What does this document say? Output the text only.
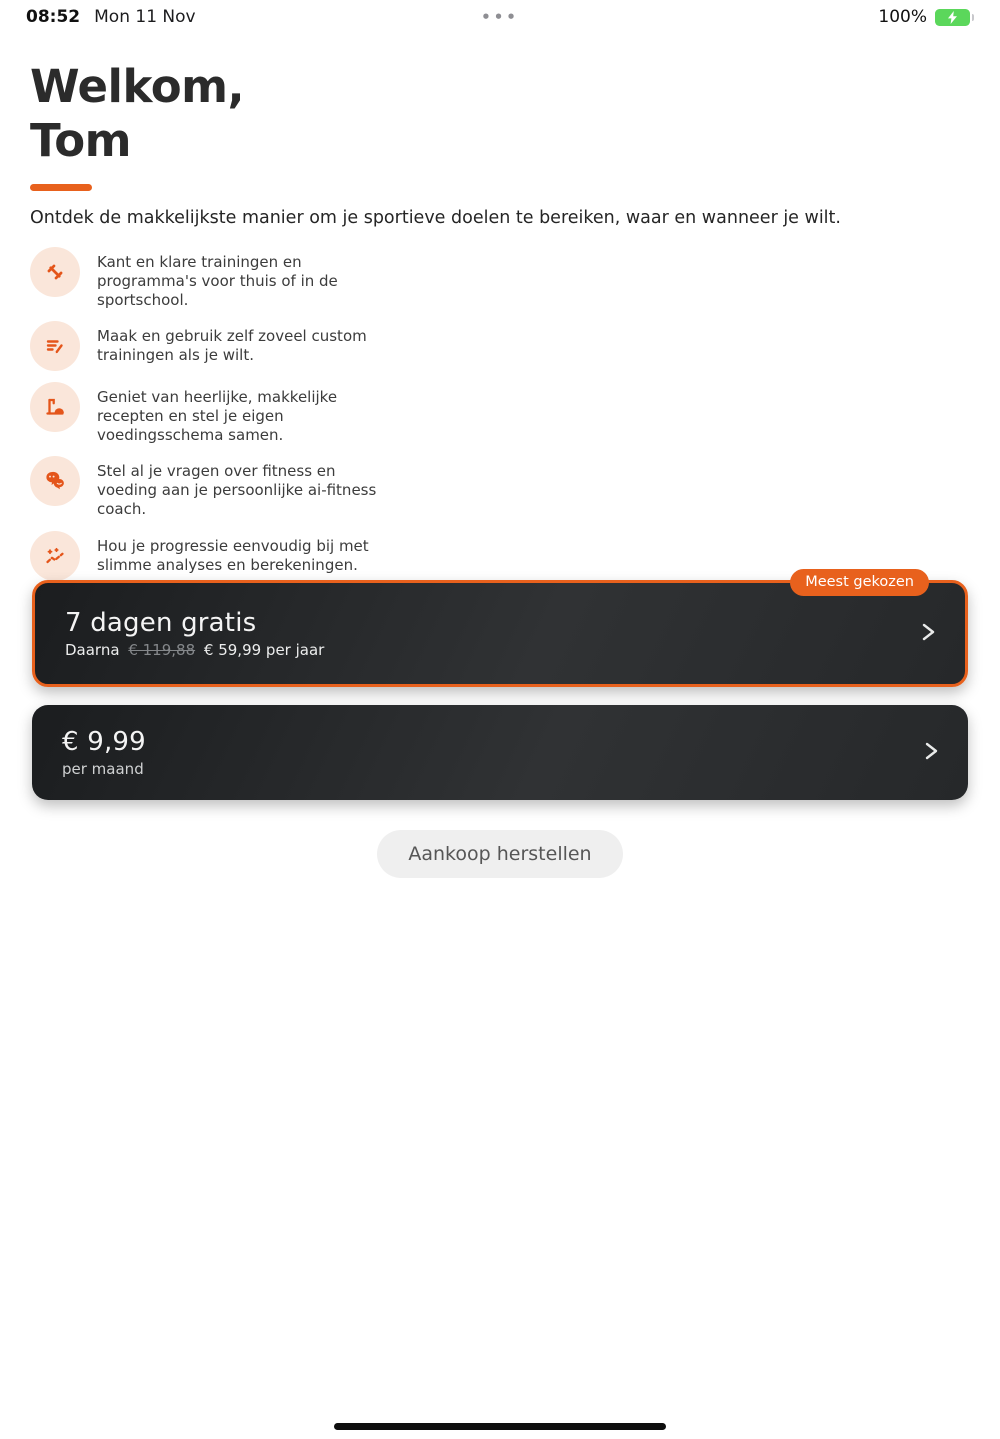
08:52 Mon 11 Nov	•••	100%
Welkom,
Tom
Ontdek de makkelijkste manier om je sportieve doelen te bereiken, waar en wanneer je wilt.
Kant en klare trainingen en programma's voor thuis of in de sportschool.
Maak en gebruik zelf zoveel custom trainingen als je wilt.
Geniet van heerlijke, makkelijke recepten en stel je eigen voedingsschema samen.
Stel al je vragen over fitness en voeding aan je persoonlijke ai-fitness coach.
Hou je progressie eenvoudig bij met slimme analyses en berekeningen.
Meest gekozen
7 dagen gratis
Daarna € 119,88 € 59,99 per jaar
€ 9,99
per maand
Aankoop herstellen
